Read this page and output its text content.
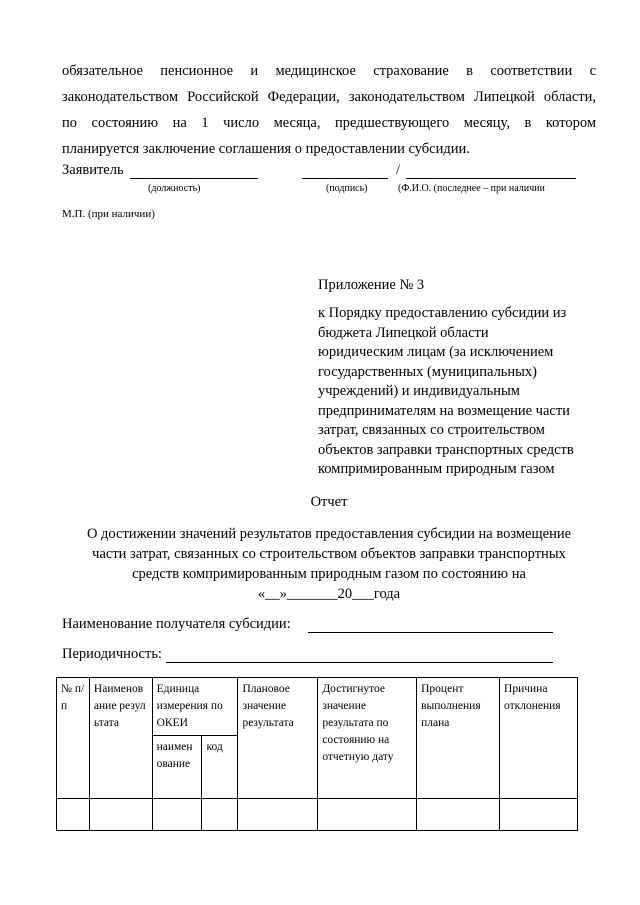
обязательное пенсионное и медицинское страхование в соответствии с
законодательством Российской Федерации, законодательством Липецкой области,
по состоянию на 1 число месяца, предшествующего месяцу, в котором
планируется заключение соглашения о предоставлении субсидии.
Заявитель	/
(должность)	(подпись)	(Ф.И.О. (последнее – при наличии
М.П. (при наличии)
Приложение № 3
к Порядку предоставлению субсидии из
бюджета Липецкой области
юридическим лицам (за исключением
государственных (муниципальных)
учреждений) и индивидуальным
предпринимателям на возмещение части
затрат, связанных со строительством
объектов заправки транспортных средств
компримированным природным газом
Отчет
О достижении значений результатов предоставления субсидии на возмещение
части затрат, связанных со строительством объектов заправки транспортных
средств компримированным природным газом по состоянию на
«__»_______20___года
Наименование получателя субсидии:
Периодичность:
№ п/п	Наименование результата	Единица измерения по ОКЕИ		Плановое значение результата	Достигнутое значение результата по состоянию на отчетную дату	Процент выполнения плана	Причина отклонения
		наименование	код				
